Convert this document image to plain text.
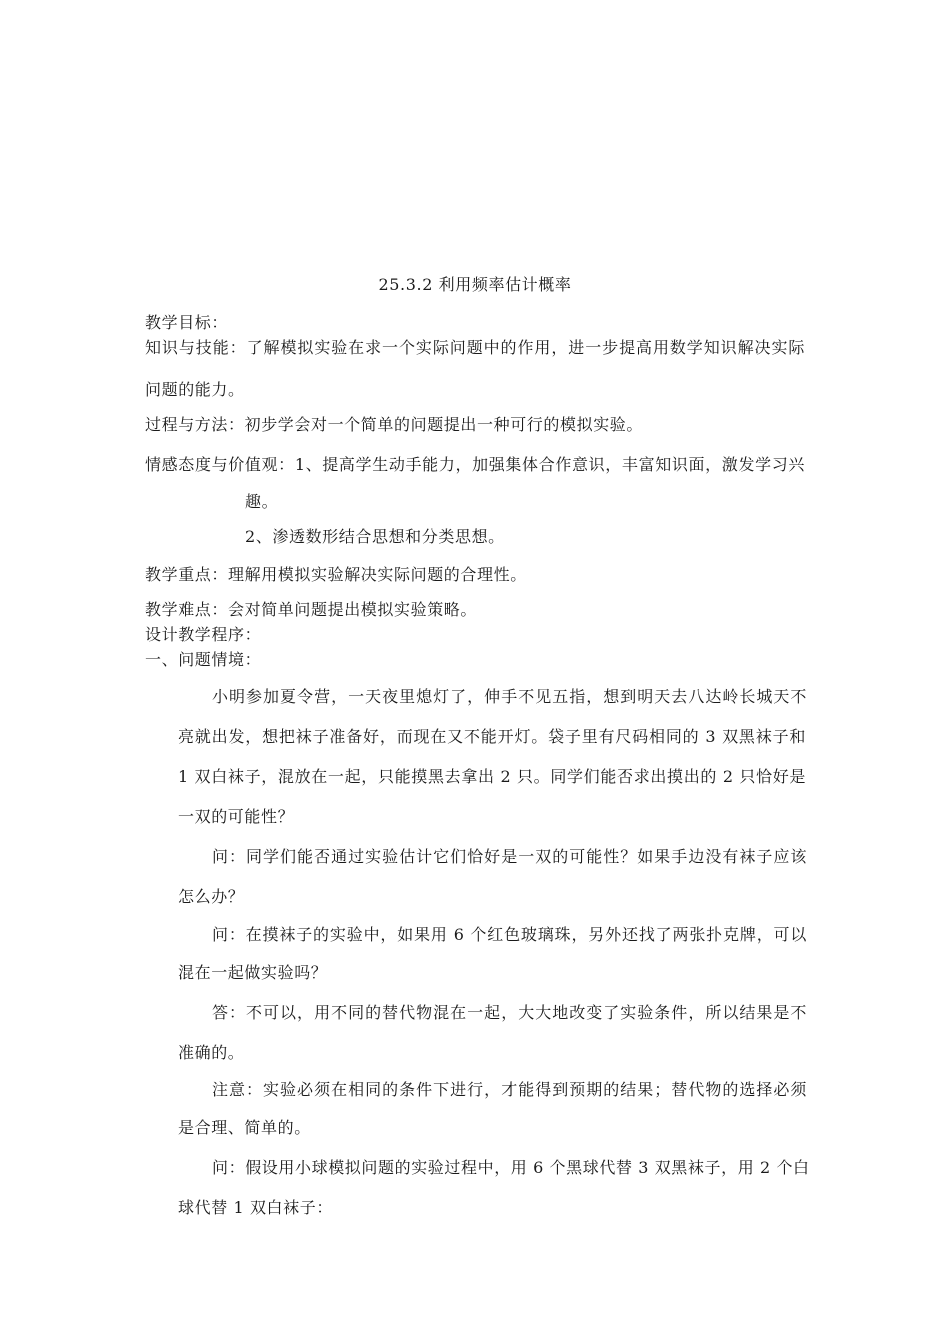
25.3.2 利用频率估计概率
教学目标：
知识与技能：了解模拟实验在求一个实际问题中的作用，进一步提高用数学知识解决实际
问题的能力。
过程与方法：初步学会对一个简单的问题提出一种可行的模拟实验。
情感态度与价值观：1、提高学生动手能力，加强集体合作意识，丰富知识面，激发学习兴
趣。
2、渗透数形结合思想和分类思想。
教学重点：理解用模拟实验解决实际问题的合理性。
教学难点：会对简单问题提出模拟实验策略。
设计教学程序：
一、问题情境：
小明参加夏令营，一天夜里熄灯了，伸手不见五指，想到明天去八达岭长城天不
亮就出发，想把袜子准备好，而现在又不能开灯。袋子里有尺码相同的 3 双黑袜子和
1 双白袜子，混放在一起，只能摸黑去拿出 2 只。同学们能否求出摸出的 2 只恰好是
一双的可能性？
问：同学们能否通过实验估计它们恰好是一双的可能性？如果手边没有袜子应该
怎么办？
问：在摸袜子的实验中，如果用 6 个红色玻璃珠，另外还找了两张扑克牌，可以
混在一起做实验吗？
答：不可以，用不同的替代物混在一起，大大地改变了实验条件，所以结果是不
准确的。
注意：实验必须在相同的条件下进行，才能得到预期的结果；替代物的选择必须
是合理、简单的。
问：假设用小球模拟问题的实验过程中，用 6 个黑球代替 3 双黑袜子，用 2 个白
球代替 1 双白袜子：
